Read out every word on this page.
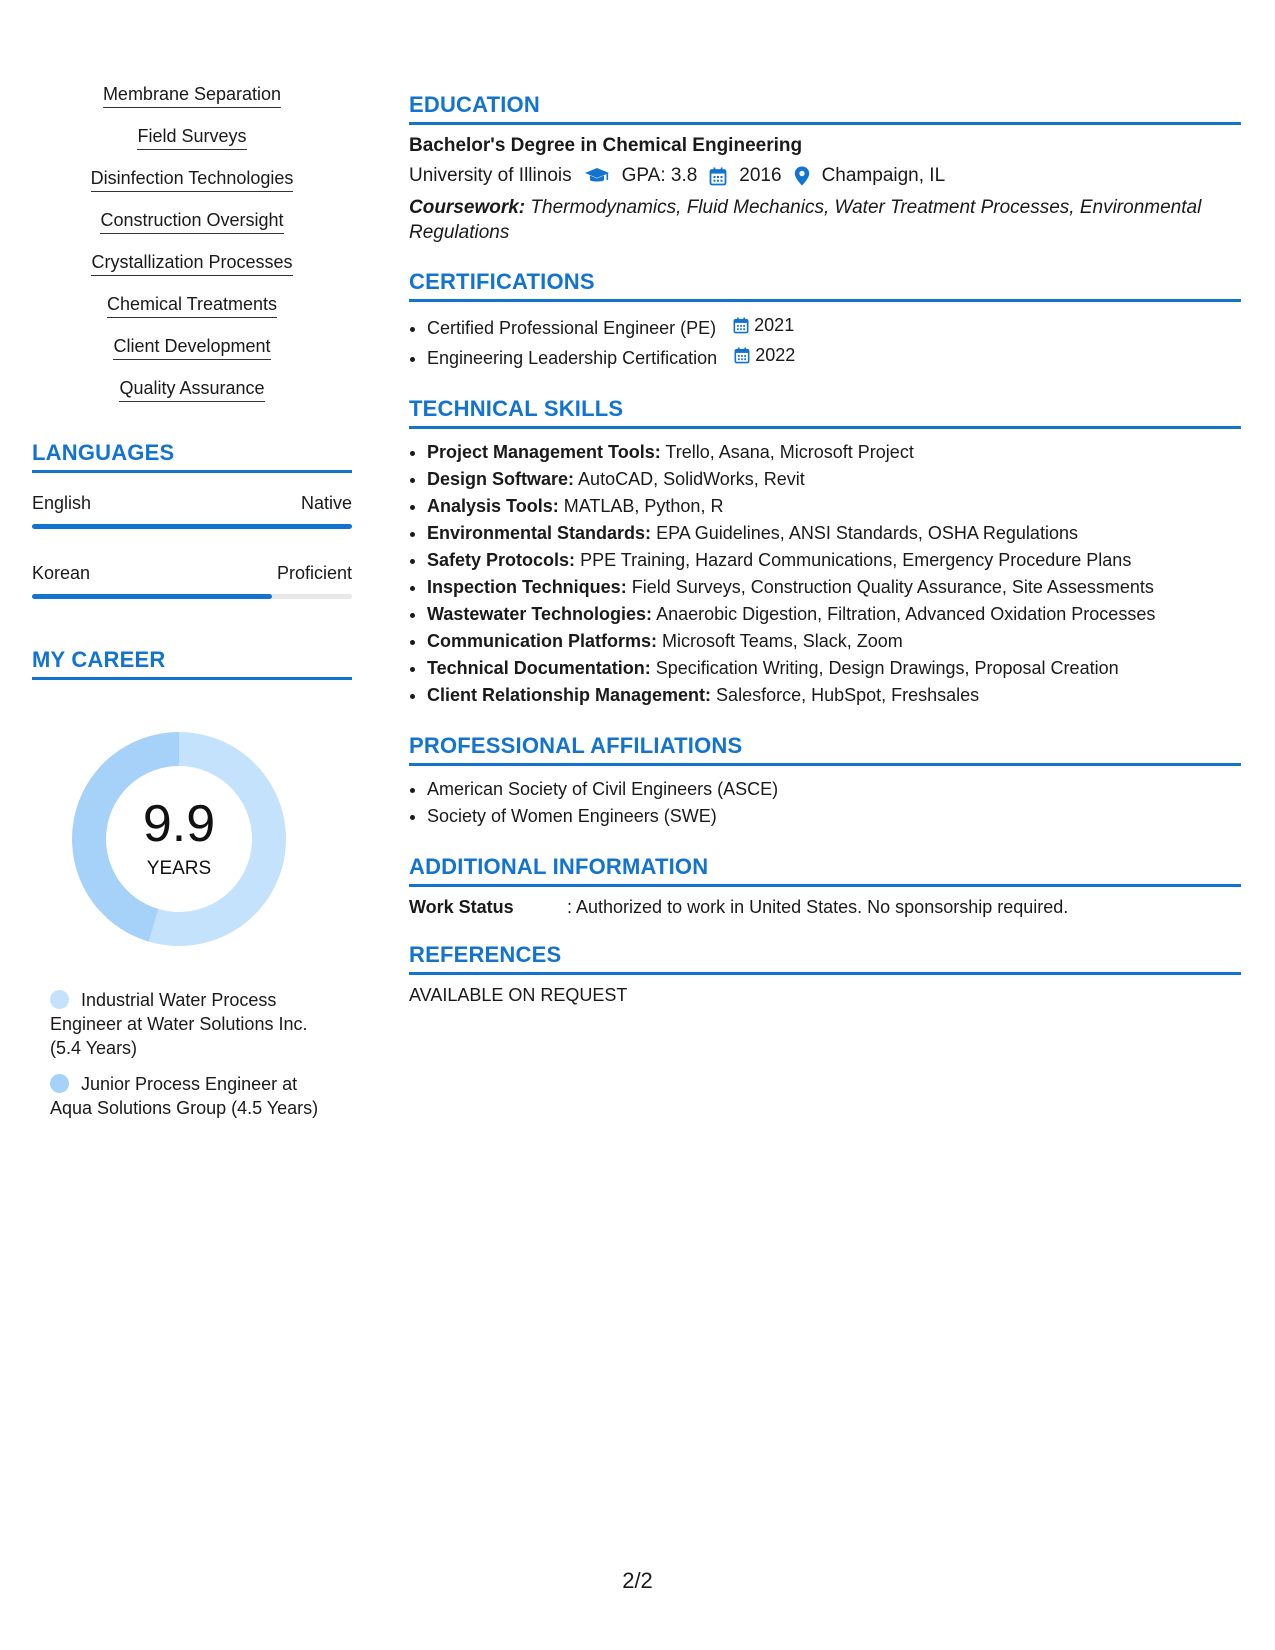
Membrane Separation
Field Surveys
Disinfection Technologies
Construction Oversight
Crystallization Processes
Chemical Treatments
Client Development
Quality Assurance
LANGUAGES
English	Native
Korean	Proficient
MY CAREER
9.9
YEARS
Industrial Water Process Engineer at Water Solutions Inc. (5.4 Years)
Junior Process Engineer at Aqua Solutions Group (4.5 Years)
EDUCATION
Bachelor's Degree in Chemical Engineering
University of Illinois	GPA: 3.8 2016 Champaign, IL
Coursework: Thermodynamics, Fluid Mechanics, Water Treatment Processes, Environmental Regulations
CERTIFICATIONS
• Certified Professional Engineer (PE) 2021
• Engineering Leadership Certification 2022
TECHNICAL SKILLS
• Project Management Tools: Trello, Asana, Microsoft Project
• Design Software: AutoCAD, SolidWorks, Revit
• Analysis Tools: MATLAB, Python, R
• Environmental Standards: EPA Guidelines, ANSI Standards, OSHA Regulations
• Safety Protocols: PPE Training, Hazard Communications, Emergency Procedure Plans
• Inspection Techniques: Field Surveys, Construction Quality Assurance, Site Assessments
• Wastewater Technologies: Anaerobic Digestion, Filtration, Advanced Oxidation Processes
• Communication Platforms: Microsoft Teams, Slack, Zoom
• Technical Documentation: Specification Writing, Design Drawings, Proposal Creation
• Client Relationship Management: Salesforce, HubSpot, Freshsales
PROFESSIONAL AFFILIATIONS
• American Society of Civil Engineers (ASCE)
• Society of Women Engineers (SWE)
ADDITIONAL INFORMATION
Work Status	: Authorized to work in United States. No sponsorship required.
REFERENCES
AVAILABLE ON REQUEST
2/2
